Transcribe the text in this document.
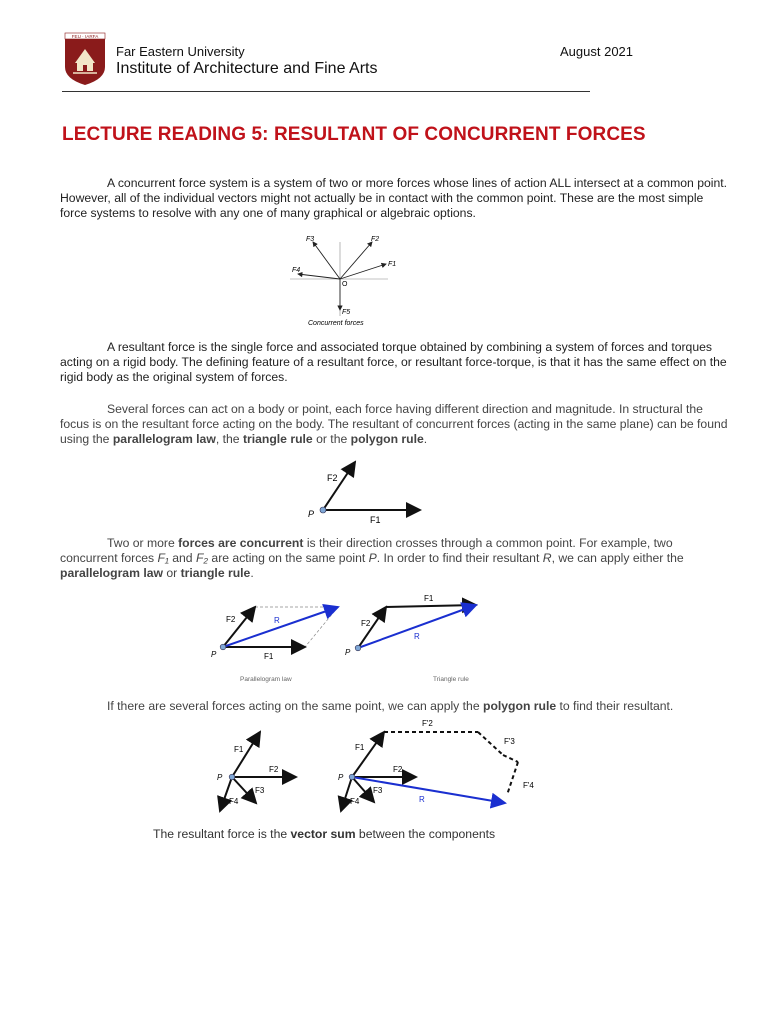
FEU · IARFA
Far Eastern University
Institute of Architecture and Fine Arts
August 2021
LECTURE READING 5: RESULTANT OF CONCURRENT FORCES
A concurrent force system is a system of two or more forces whose lines of action ALL intersect at a common point. However, all of the individual vectors might not actually be in contact with the common point. These are the most simple force systems to resolve with any one of many graphical or algebraic options.
F3	F2
F1
F4
O
F5
Concurrent forces
A resultant force is the single force and associated torque obtained by combining a system of forces and torques acting on a rigid body. The defining feature of a resultant force, or resultant force-torque, is that it has the same effect on the rigid body as the original system of forces.
Several forces can act on a body or point, each force having different direction and magnitude. In structural the focus is on the resultant force acting on the body. The resultant of concurrent forces (acting in the same plane) can be found using the parallelogram law, the triangle rule or the polygon rule.
F2
P
F1
Two or more forces are concurrent is their direction crosses through a common point. For example, two concurrent forces F₁ and F₂ are acting on the same point P. In order to find their resultant R, we can apply either the parallelogram law or triangle rule.
F2	R
P	F1
Parallelogram law
F1
F2
R
P
Triangle rule
If there are several forces acting on the same point, we can apply the polygon rule to find their resultant.
F1
F2
P
F3
F4
F'2
F'3
F1
F2
P
F3
F4	R
F'4
The resultant force is the vector sum between the components
